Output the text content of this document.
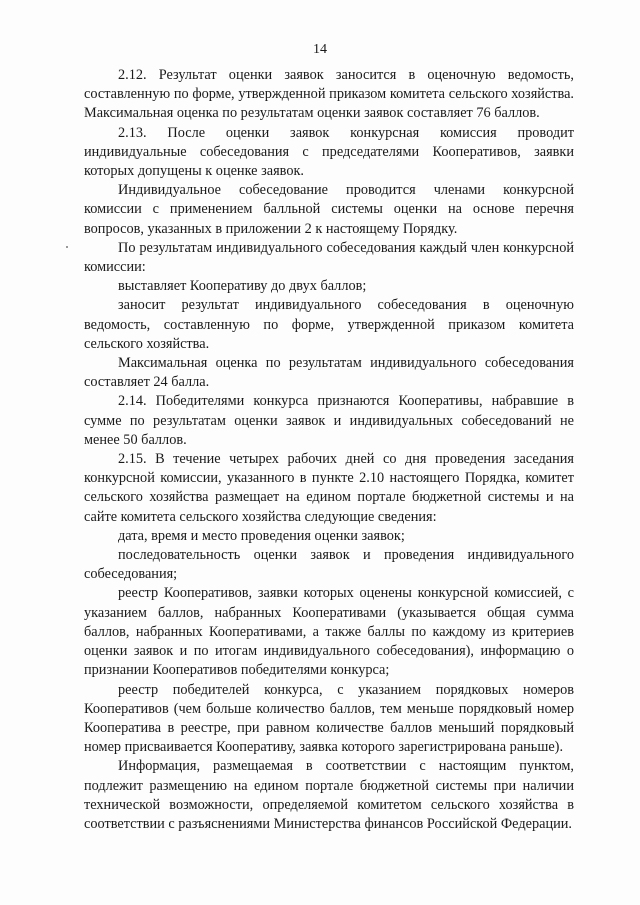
14

2.12. Результат оценки заявок заносится в оценочную ведомость, составленную по форме, утвержденной приказом комитета сельского хозяйства. Максимальная оценка по результатам оценки заявок составляет 76 баллов.

2.13. После оценки заявок конкурсная комиссия проводит индивидуальные собеседования с председателями Кооперативов, заявки которых допущены к оценке заявок.

Индивидуальное собеседование проводится членами конкурсной комиссии с применением балльной системы оценки на основе перечня вопросов, указанных в приложении 2 к настоящему Порядку.

По результатам индивидуального собеседования каждый член конкурсной комиссии:

выставляет Кооперативу до двух баллов;

заносит результат индивидуального собеседования в оценочную ведомость, составленную по форме, утвержденной приказом комитета сельского хозяйства.

Максимальная оценка по результатам индивидуального собеседования составляет 24 балла.

2.14. Победителями конкурса признаются Кооперативы, набравшие в сумме по результатам оценки заявок и индивидуальных собеседований не менее 50 баллов.

2.15. В течение четырех рабочих дней со дня проведения заседания конкурсной комиссии, указанного в пункте 2.10 настоящего Порядка, комитет сельского хозяйства размещает на едином портале бюджетной системы и на сайте комитета сельского хозяйства следующие сведения:

дата, время и место проведения оценки заявок;

последовательность оценки заявок и проведения индивидуального собеседования;

реестр Кооперативов, заявки которых оценены конкурсной комиссией, с указанием баллов, набранных Кооперативами (указывается общая сумма баллов, набранных Кооперативами, а также баллы по каждому из критериев оценки заявок и по итогам индивидуального собеседования), информацию о признании Кооперативов победителями конкурса;

реестр победителей конкурса, с указанием порядковых номеров Кооперативов (чем больше количество баллов, тем меньше порядковый номер Кооператива в реестре, при равном количестве баллов меньший порядковый номер присваивается Кооперативу, заявка которого зарегистрирована раньше).

Информация, размещаемая в соответствии с настоящим пунктом, подлежит размещению на едином портале бюджетной системы при наличии технической возможности, определяемой комитетом сельского хозяйства в соответствии с разъяснениями Министерства финансов Российской Федерации.
